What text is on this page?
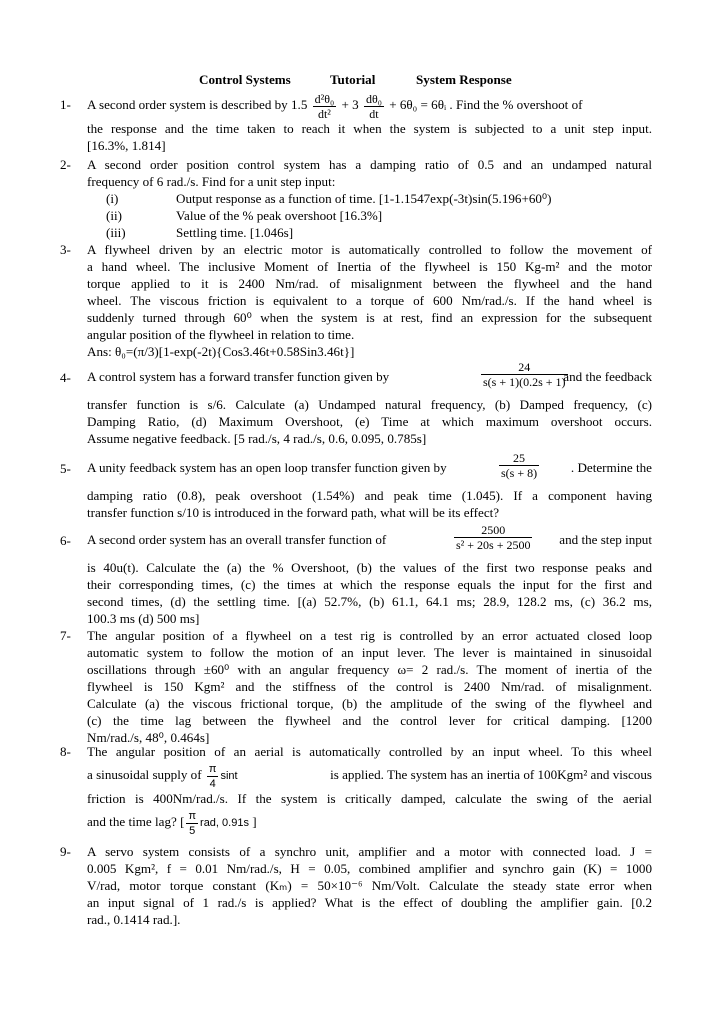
Control Systems	Tutorial	System Response
1-	A second order system is described by $1.5 \frac{\text{d²θ₀}}{\text{dt²}} + 3 \frac{\text{dθ₀}}{dt} + 6\theta_0$ = 6θᵢ . Find the % overshoot of
the response and the time taken to reach it when the system is subjected to a unit step input.
[16.3%, 1.814]
2-	A second order position control system has a damping ratio of 0.5 and an undamped natural
frequency of 6 rad./s. Find for a unit step input:
(i)	Output response as a function of time. [1-1.1547exp(-3t)sin(5.196+60⁰)
(ii)	Value of the % peak overshoot [16.3%]
(iii)	Settling time. [1.046s]
3-	A flywheel driven by an electric motor is automatically controlled to follow the movement of
a hand wheel. The inclusive Moment of Inertia of the flywheel is 150 Kg-m² and the motor
torque applied to it is 2400 Nm/rad. of misalignment between the flywheel and the hand
wheel. The viscous friction is equivalent to a torque of 600 Nm/rad./s. If the hand wheel is
suddenly turned through 60⁰ when the system is at rest, find an expression for the subsequent
angular position of the flywheel in relation to time.
Ans: θ₀=(π/3)[1-exp(-2t){Cos3.46t+0.58Sin3.46t}]
4-	A control system has a forward transfer function given by	$\frac{24}{s(s + 1)(0.2s + 1)}$
and the feedback
transfer function is s/6. Calculate (a) Undamped natural frequency, (b) Damped frequency, (c)
Damping Ratio, (d) Maximum Overshoot, (e) Time at which maximum overshoot occurs.
Assume negative feedback. [5 rad./s, 4 rad./s, 0.6, 0.095, 0.785s]
5-	A unity feedback system has an open loop transfer function given by	$\frac{25}{s(s + 8)}$ . Determine the
damping ratio (0.8), peak overshoot (1.54%) and peak time (1.045). If a component having
transfer function s/10 is introduced in the forward path, what will be its effect?
6-	A second order system has an overall transfer function of	$\frac{2500}{\text{s² + 20s + 2500}}$ and the step input
is 40u(t). Calculate the (a) the % Overshoot, (b) the values of the first two response peaks and
their corresponding times, (c) the times at which the response equals the input for the first and
second times, (d) the settling time. [(a) 52.7%, (b) 61.1, 64.1 ms; 28.9, 128.2 ms, (c) 36.2 ms,
100.3 ms (d) 500 ms]
7-	The angular position of a flywheel on a test rig is controlled by an error actuated closed loop
automatic system to follow the motion of an input lever. The lever is maintained in sinusoidal
oscillations through ±60⁰ with an angular frequency ω= 2 rad./s. The moment of inertia of the
flywheel is 150 Kgm² and the stiffness of the control is 2400 Nm/rad. of misalignment.
Calculate (a) the viscous frictional torque, (b) the amplitude of the swing of the flywheel and
(c) the time lag between the flywheel and the control lever for critical damping. [1200
Nm/rad./s, 48⁰, 0.464s]
8-	The angular position of an aerial is automatically controlled by an input wheel. To this wheel
a sinusoidal supply of $\frac{\pi}{4}$ sint	is applied. The system has an inertia of 100Kgm² and viscous
friction is 400Nm/rad./s. If the system is critically damped, calculate the swing of the aerial
and the time lag? [ $\frac{\pi}{5}$ rad, 0.91s ]
9-	A servo system consists of a synchro unit, amplifier and a motor with connected load. J =
0.005 Kgm², f = 0.01 Nm/rad./s, H = 0.05, combined amplifier and synchro gain (K) = 1000
V/rad, motor torque constant (Kₘ) = 50×10⁻⁶ Nm/Volt. Calculate the steady state error when
an input signal of 1 rad./s is applied? What is the effect of doubling the amplifier gain. [0.2
rad., 0.1414 rad.].
